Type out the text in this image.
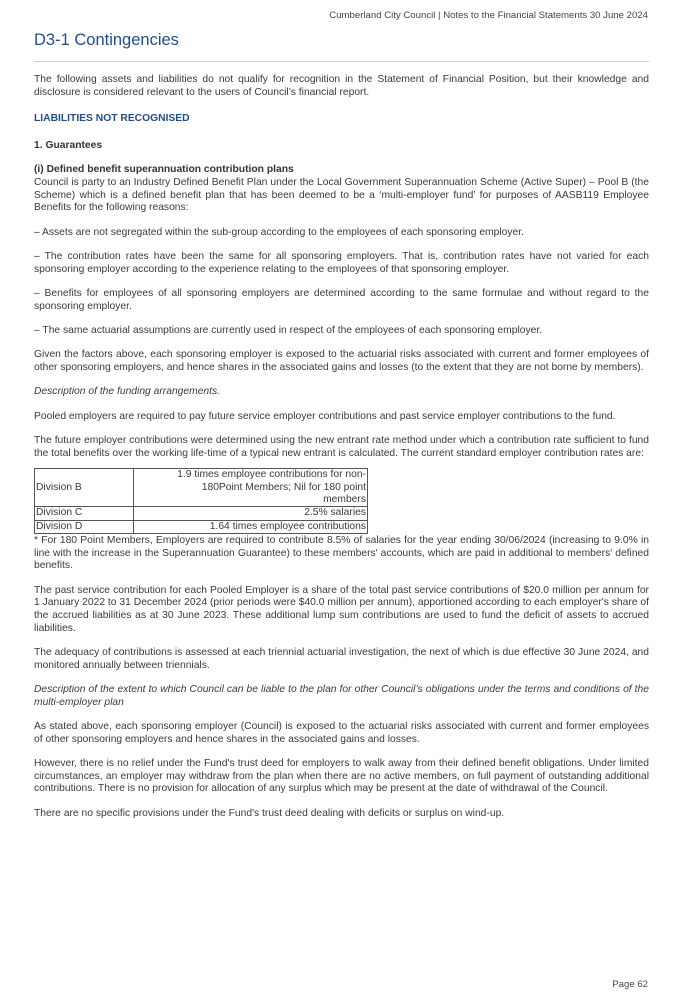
Cumberland City Council | Notes to the Financial Statements 30 June 2024
D3-1 Contingencies

The following assets and liabilities do not qualify for recognition in the Statement of Financial Position, but their knowledge and disclosure is considered relevant to the users of Council’s financial report.

LIABILITIES NOT RECOGNISED
1. Guarantees
(i) Defined benefit superannuation contribution plans

Council is party to an Industry Defined Benefit Plan under the Local Government Superannuation Scheme (Active Super) – Pool B (the Scheme) which is a defined benefit plan that has been deemed to be a ‘multi-employer fund’ for purposes of AASB119 Employee Benefits for the following reasons:

– Assets are not segregated within the sub-group according to the employees of each sponsoring employer.

– The contribution rates have been the same for all sponsoring employers. That is, contribution rates have not varied for each sponsoring employer according to the experience relating to the employees of that sponsoring employer.

– Benefits for employees of all sponsoring employers are determined according to the same formulae and without regard to the sponsoring employer.

– The same actuarial assumptions are currently used in respect of the employees of each sponsoring employer.

Given the factors above, each sponsoring employer is exposed to the actuarial risks associated with current and former employees of other sponsoring employers, and hence shares in the associated gains and losses (to the extent that they are not borne by members).

Description of the funding arrangements.

Pooled employers are required to pay future service employer contributions and past service employer contributions to the fund.

The future employer contributions were determined using the new entrant rate method under which a contribution rate sufficient to fund the total benefits over the working life-time of a typical new entrant is calculated. The current standard employer contribution rates are:

Division B	1.9 times employee contributions for non-180Point Members; Nil for 180 point members
Division C	2.5% salaries
Division D	1.64 times employee contributions

* For 180 Point Members, Employers are required to contribute 8.5% of salaries for the year ending 30/06/2024 (increasing to 9.0% in line with the increase in the Superannuation Guarantee) to these members' accounts, which are paid in additional to members' defined benefits.

The past service contribution for each Pooled Employer is a share of the total past service contributions of $20.0 million per annum for 1 January 2022 to 31 December 2024 (prior periods were $40.0 million per annum), apportioned according to each employer's share of the accrued liabilities as at 30 June 2023. These additional lump sum contributions are used to fund the deficit of assets to accrued liabilities.

The adequacy of contributions is assessed at each triennial actuarial investigation, the next of which is due effective 30 June 2024, and monitored annually between triennials.

Description of the extent to which Council can be liable to the plan for other Council’s obligations under the terms and conditions of the multi-employer plan

As stated above, each sponsoring employer (Council) is exposed to the actuarial risks associated with current and former employees of other sponsoring employers and hence shares in the associated gains and losses.

However, there is no relief under the Fund's trust deed for employers to walk away from their defined benefit obligations. Under limited circumstances, an employer may withdraw from the plan when there are no active members, on full payment of outstanding additional contributions. There is no provision for allocation of any surplus which may be present at the date of withdrawal of the Council.

There are no specific provisions under the Fund's trust deed dealing with deficits or surplus on wind-up.

Page 62
